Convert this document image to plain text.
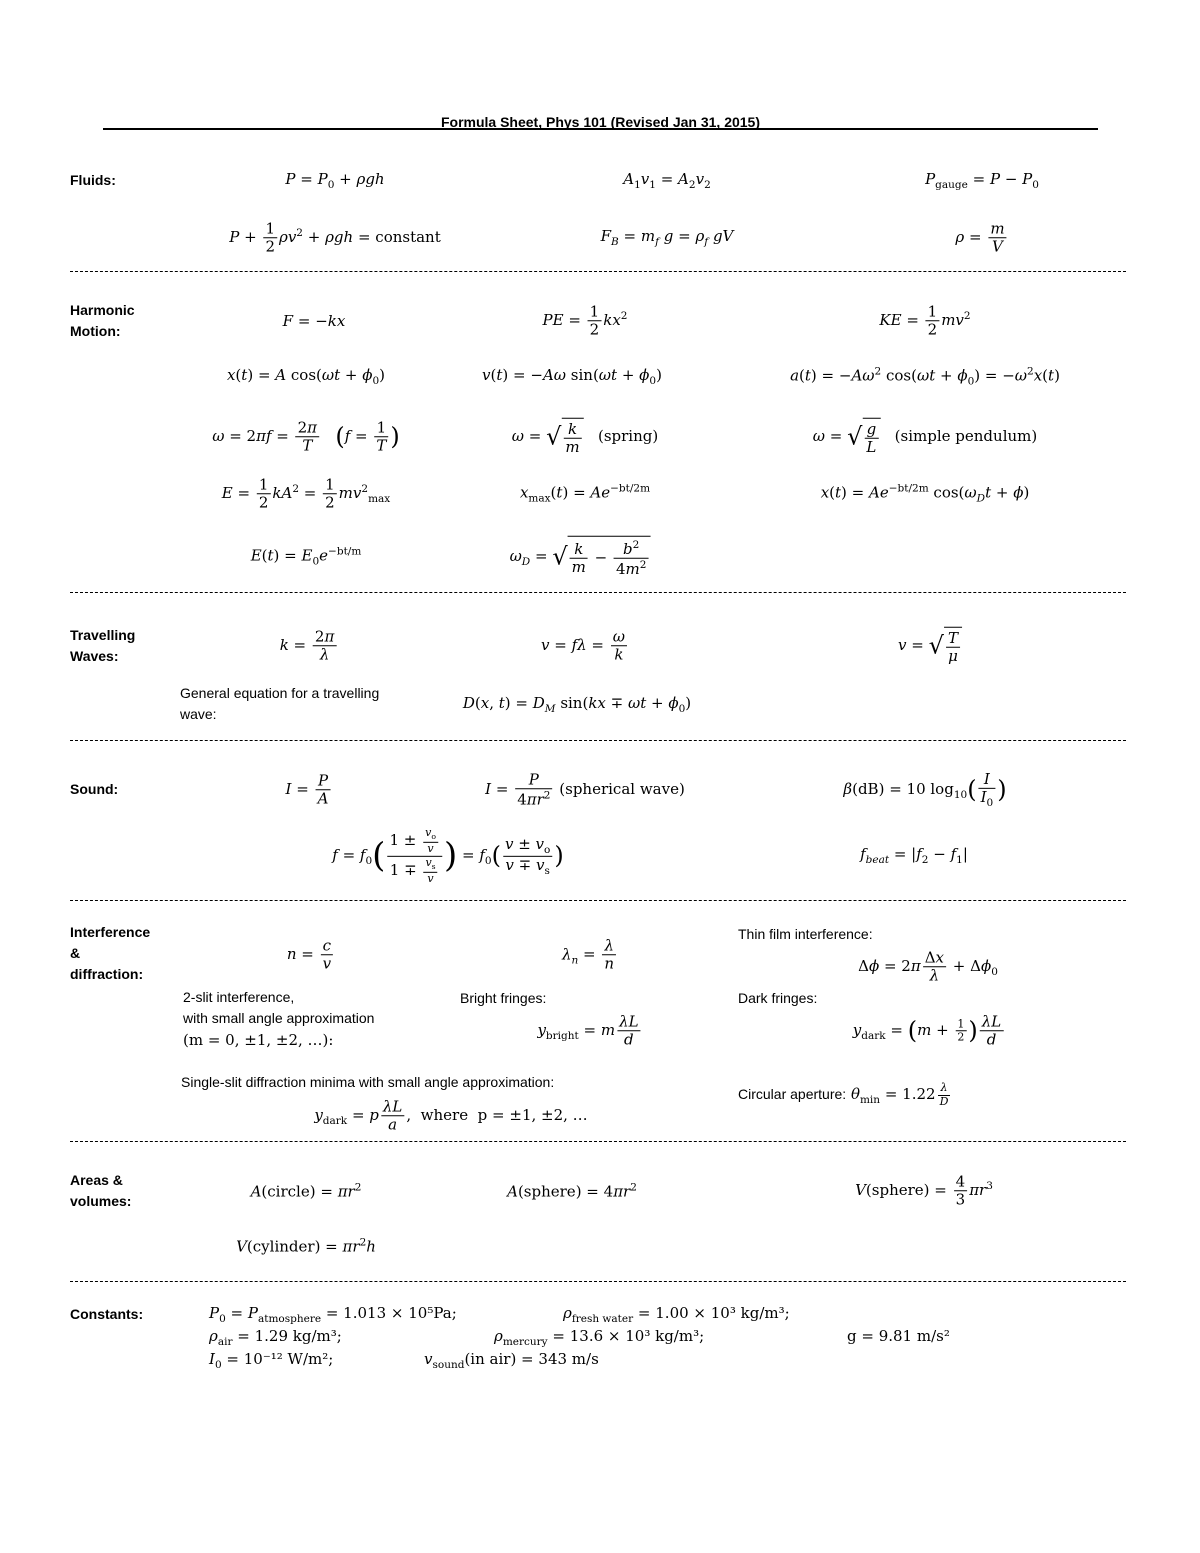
Formula Sheet, Phys 101 (Revised Jan 31, 2015)
Fluids:	$P = P_0 + \rho gh$	$A_1v_1 = A_2v_2$	$P_{gauge} = P - P_0$
$P + \frac{1}{2} \rho v^2 + \rho gh$ = constant	$F_B = m_f$ $g = \rho_f$ gV	$\rho = \frac{m}{V}$
Harmonic
Motion:
F = −kx	PE = $\frac{1}{2} kx^2$	KE = $\frac{1}{2} mv^2$
x(t) = A $\cos(\omega t + \phi_0)$	v(t) = −Aω $\sin(\omega t + \phi_0)$	$a(t) = -A\omega^2$ $\cos(\omega t + \phi_0) = -\omega^2x(t)$
$\omega = 2\pi f = \frac{2\pi}{T} (f = \frac{1}{T}$ )	ω = √ $\frac{k}{m}$ (spring)	ω = √ $\frac{g}{L}$ (simple pendulum)
$E = \frac{1}{2} kA^2 = \frac{1}{2} mv^2_{max}$	$x_{max}(t) = Ae^{-bt/2m}$	$x(t) = Ae^{-bt/2m}$ $\cos(\omega_Dt + \phi)$
$E(t) = E_0e^{-bt/m}$	$\omega_D$ = √ $\frac{k}{m} - \frac{b^2}{4m^2}$
Travelling
Waves:
$k = \frac{2\pi}{\lambda}$	$v = f\lambda = \frac{\omega}{k}$	v = √ $\frac{T}{\mu}$
General equation for a travelling
wave:
D(x, $t) = D_M$ $\sin(kx \mp \omega t + \phi_0)$
Sound:	$I = \frac{P}{A}$	$I = \frac{P}{4\pi r^2}$ (spherical wave)	β(dB) = 10 $\log_{10}( \frac{I}{I_0}$ )
$f = f_0( \frac{1 \pm \frac{v_o}{v}}{1 \mp \frac{v_s}{v}}$ ) = $f_0( \frac{v \pm v_o}{v \mp v_s}$ )	$f_{beat} = |f_2 - f_1|$
Interference
&
diffraction:
$n = \frac{c}{v}$	$\lambda_n = \frac{\lambda}{n}$
Thin film interference:
$\Delta\phi = 2\pi \frac{\Delta x}{\lambda} + \Delta\phi_0$
2-slit interference,
with small angle approximation
(m = 0, ±1, ±2, …):
Bright fringes:
$y_{bright} = m \frac{\lambda L}{d}$
Dark fringes:
$y_{dark} = (m + \frac{1}{2}$ ) $\frac{\lambda L}{d}$
Single-slit diffraction minima with small angle approximation:
$y_{dark} = p \frac{\lambda L}{a}$ ,  where p = ±1, ±2, …
Circular aperture: $\theta_{min} = 1.22 \frac{\lambda}{D}$
Areas &
volumes:
A(circle) = $\pi r^2$	A(sphere) = $4\pi r^2$	V(sphere) = $\frac{4}{3} \pi r^3$
V(cylinder) = $\pi r^2h$
Constants:	$P_0 = P_{atmosphere} = 1.013 \times 10^5Pa$;	$\rho_{fresh water} = 1.00 \times 10^3$ kg/m³;
$\rho_{air} = 1.29$ kg/m³;	$\rho_{mercury} = 13.6 \times 10^3$ kg/m³;	g = 9.81 m/s²
$I_0 = 10^{-12}$ W/m²;	$v_{sound}(in$ air) = 343 m/s
